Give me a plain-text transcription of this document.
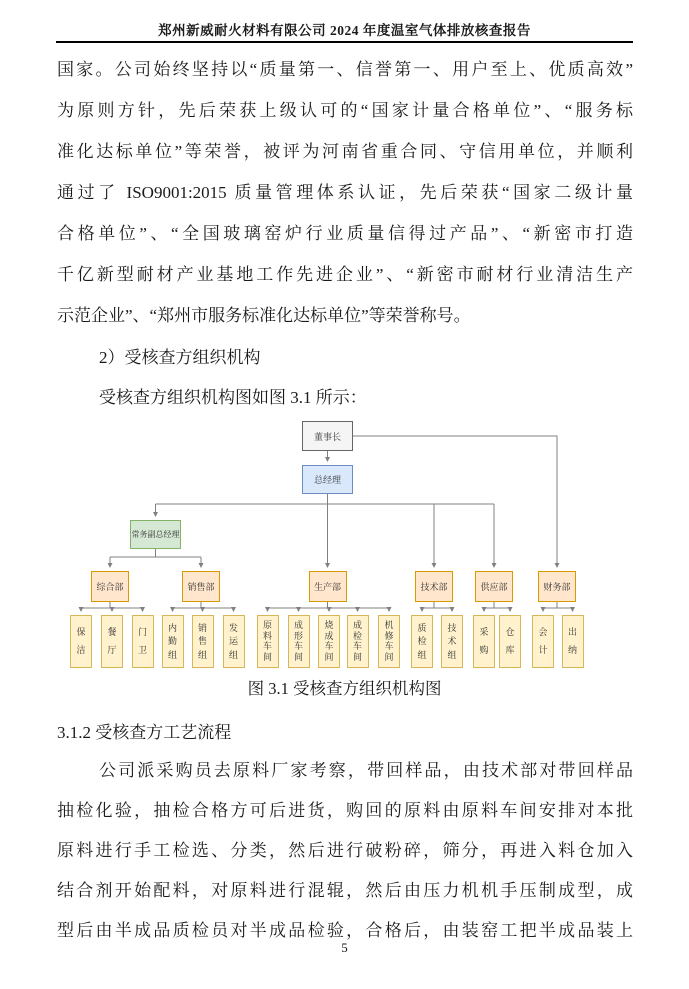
郑州新威耐火材料有限公司 2024 年度温室气体排放核查报告
国家。公司始终坚持以“质量第一、信誉第一、用户至上、优质高效”
为原则方针，先后荣获上级认可的“国家计量合格单位”、“服务标
准化达标单位”等荣誉，被评为河南省重合同、守信用单位，并顺利
通过了 ISO9001:2015 质量管理体系认证，先后荣获“国家二级计量
合格单位”、“全国玻璃窑炉行业质量信得过产品”、“新密市打造
千亿新型耐材产业基地工作先进企业”、“新密市耐材行业清洁生产
示范企业”、“郑州市服务标准化达标单位”等荣誉称号。
2）受核查方组织机构
受核查方组织机构图如图 3.1 所示：
董事长
总经理
常务副总经理
综合部	销售部	生产部	技术部	供应部	财务部
保
洁
餐
厅
门
卫
内
勤
组
销
售
组
发
运
组
原
料
车
间
成
形
车
间
烧
成
车
间
成
检
车
间
机
修
车
间
质
检
组
技
术
组
采
购
仓
库
会
计
出
纳
图 3.1 受核查方组织机构图
3.1.2 受核查方工艺流程
公司派采购员去原料厂家考察，带回样品，由技术部对带回样品
抽检化验，抽检合格方可后进货，购回的原料由原料车间安排对本批
原料进行手工检选、分类，然后进行破粉碎，筛分，再进入料仓加入
结合剂开始配料，对原料进行混辊，然后由压力机机手压制成型，成
型后由半成品质检员对半成品检验，合格后，由装窑工把半成品装上
5
